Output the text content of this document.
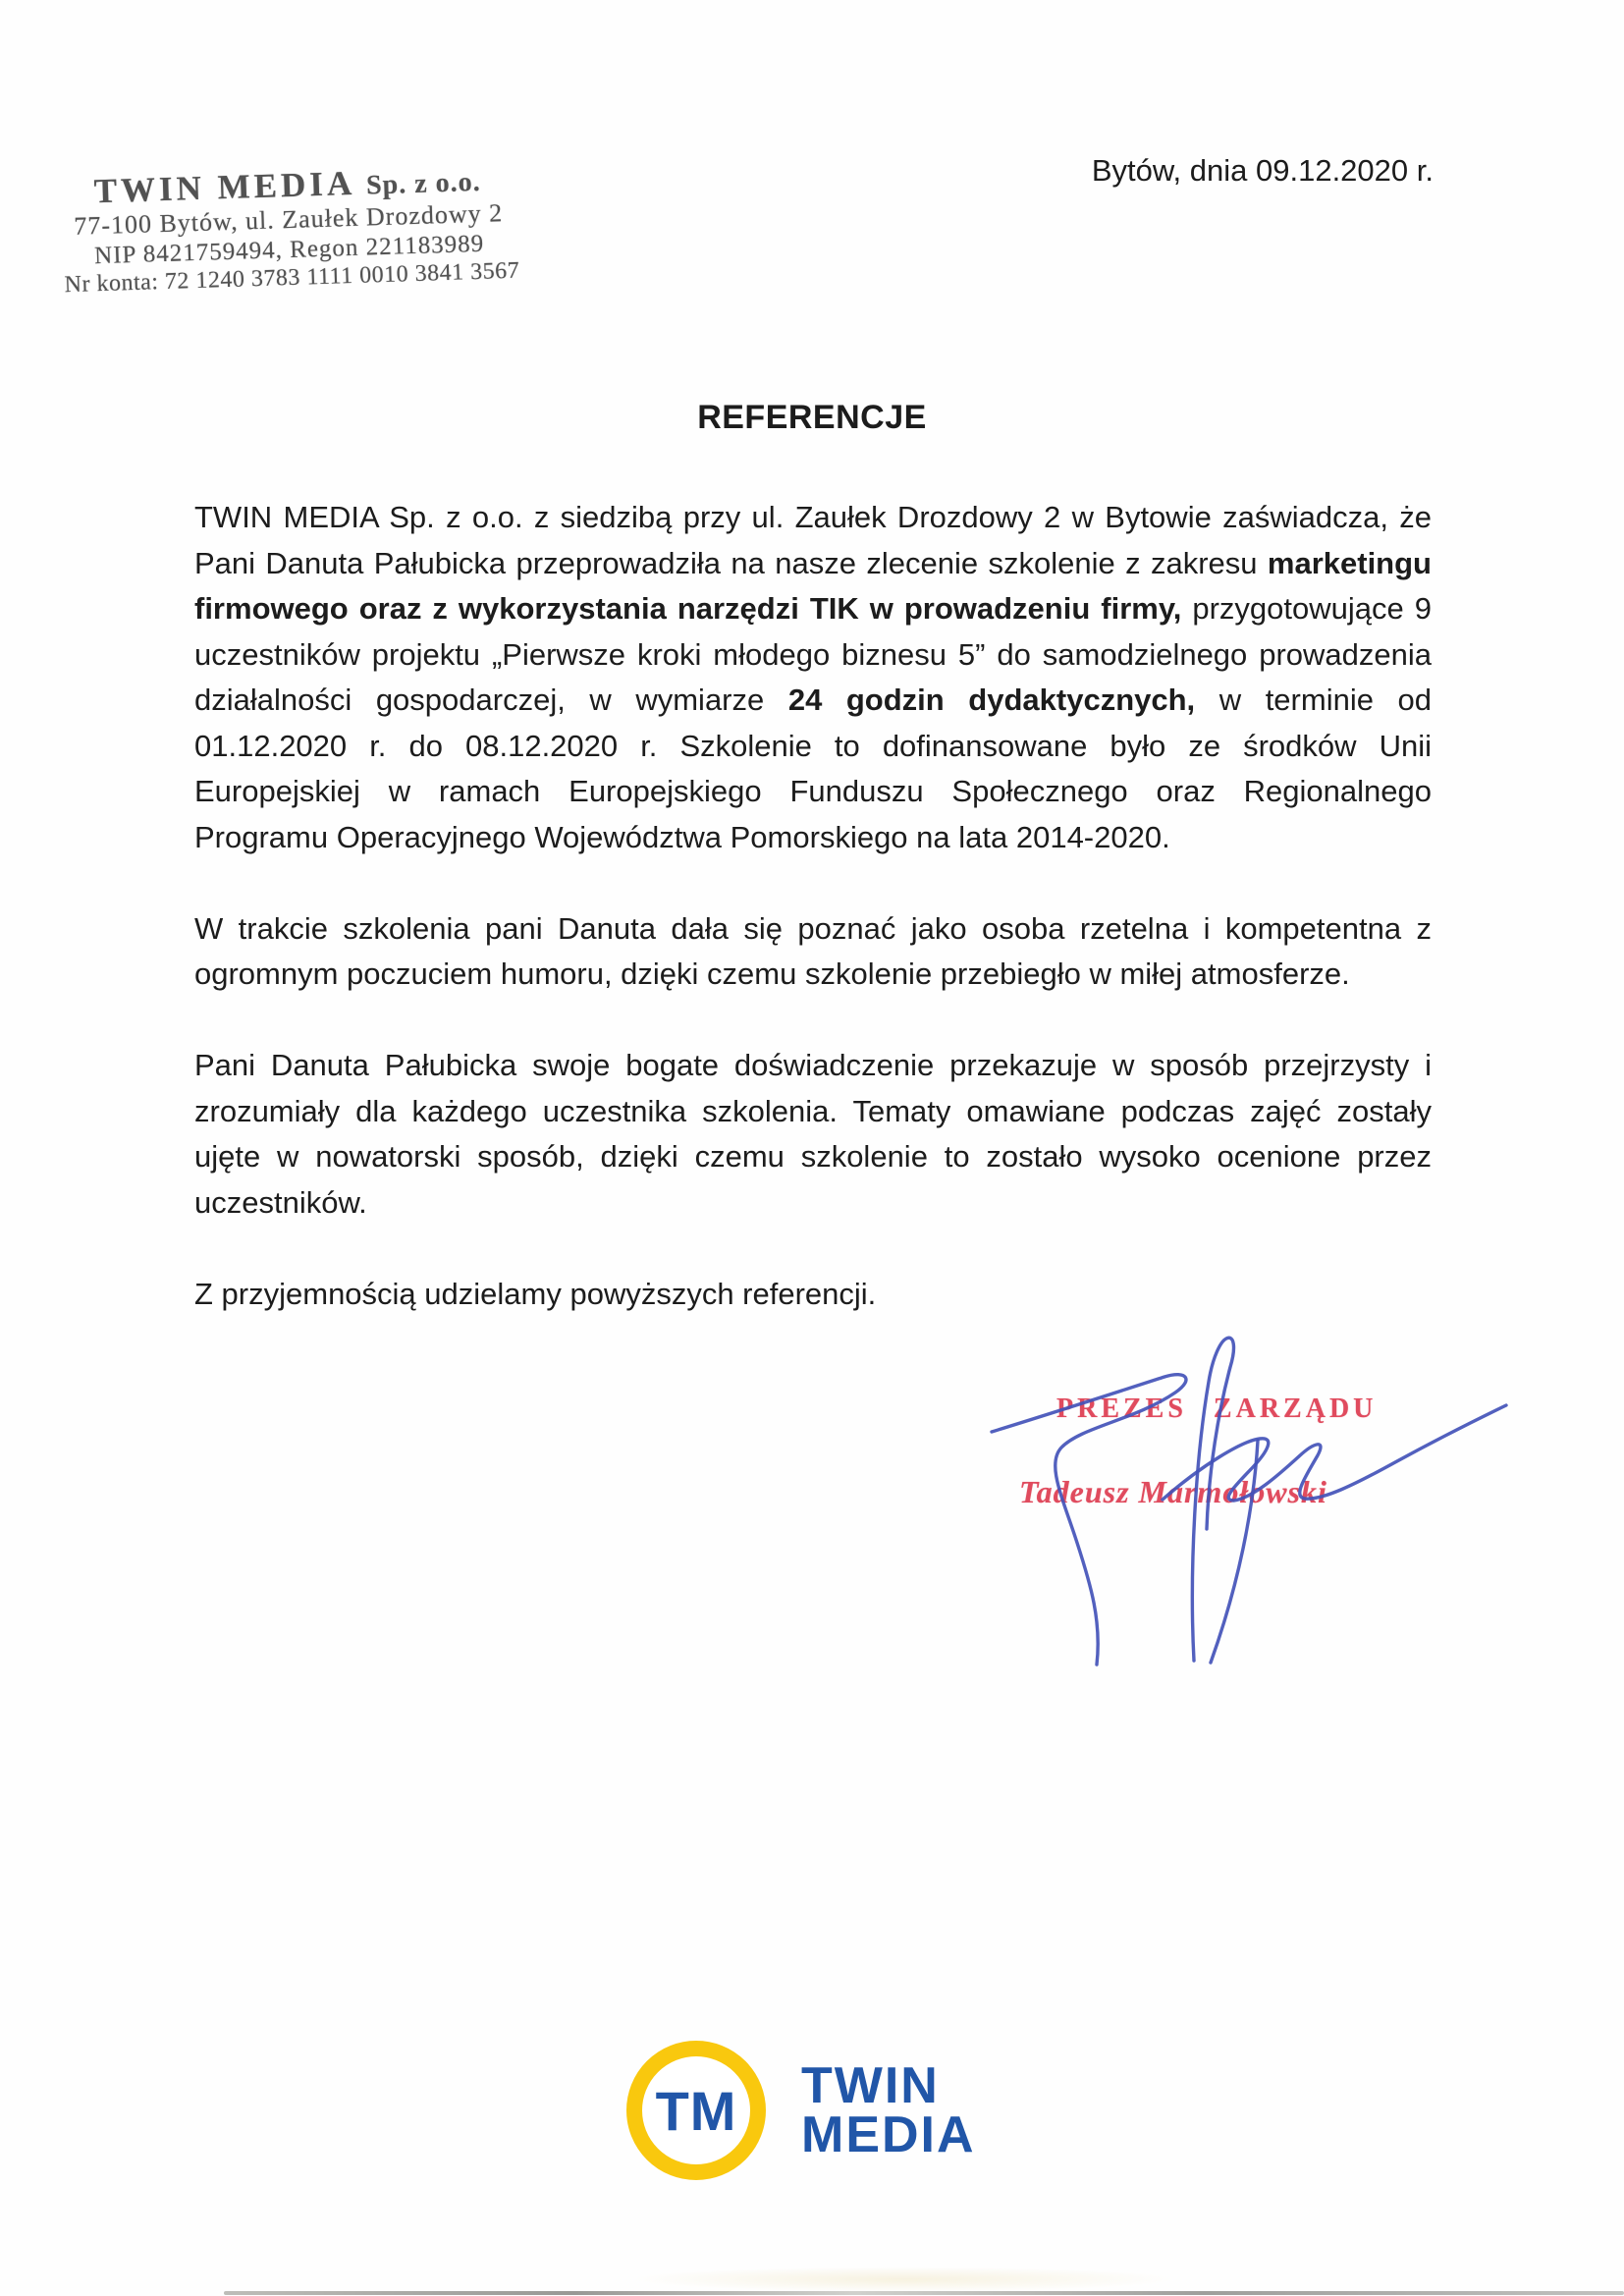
TWIN MEDIA Sp. z o.o.
77-100 Bytów, ul. Zaułek Drozdowy 2
NIP 8421759494, Regon 221183989
Nr konta: 72 1240 3783 1111 0010 3841 3567
Bytów, dnia 09.12.2020 r.
REFERENCJE

TWIN MEDIA Sp. z o.o. z siedzibą przy ul. Zaułek Drozdowy 2 w Bytowie zaświadcza, że Pani Danuta Pałubicka przeprowadziła na nasze zlecenie szkolenie z zakresu marketingu firmowego oraz z wykorzystania narzędzi TIK w prowadzeniu firmy, przygotowujące 9 uczestników projektu „Pierwsze kroki młodego biznesu 5” do samodzielnego prowadzenia działalności gospodarczej, w wymiarze 24 godzin dydaktycznych, w terminie od 01.12.2020 r. do 08.12.2020 r. Szkolenie to dofinansowane było ze środków Unii Europejskiej w ramach Europejskiego Funduszu Społecznego oraz Regionalnego Programu Operacyjnego Województwa Pomorskiego na lata 2014-2020.

W trakcie szkolenia pani Danuta dała się poznać jako osoba rzetelna i kompetentna z ogromnym poczuciem humoru, dzięki czemu szkolenie przebiegło w miłej atmosferze.

Pani Danuta Pałubicka swoje bogate doświadczenie przekazuje w sposób przejrzysty i zrozumiały dla każdego uczestnika szkolenia. Tematy omawiane podczas zajęć zostały ujęte w nowatorski sposób, dzięki czemu szkolenie to zostało wysoko ocenione przez uczestników.

Z przyjemnością udzielamy powyższych referencji.

PREZES ZARZĄDU
Tadeusz Marmołowski
TM TWIN
MEDIA
